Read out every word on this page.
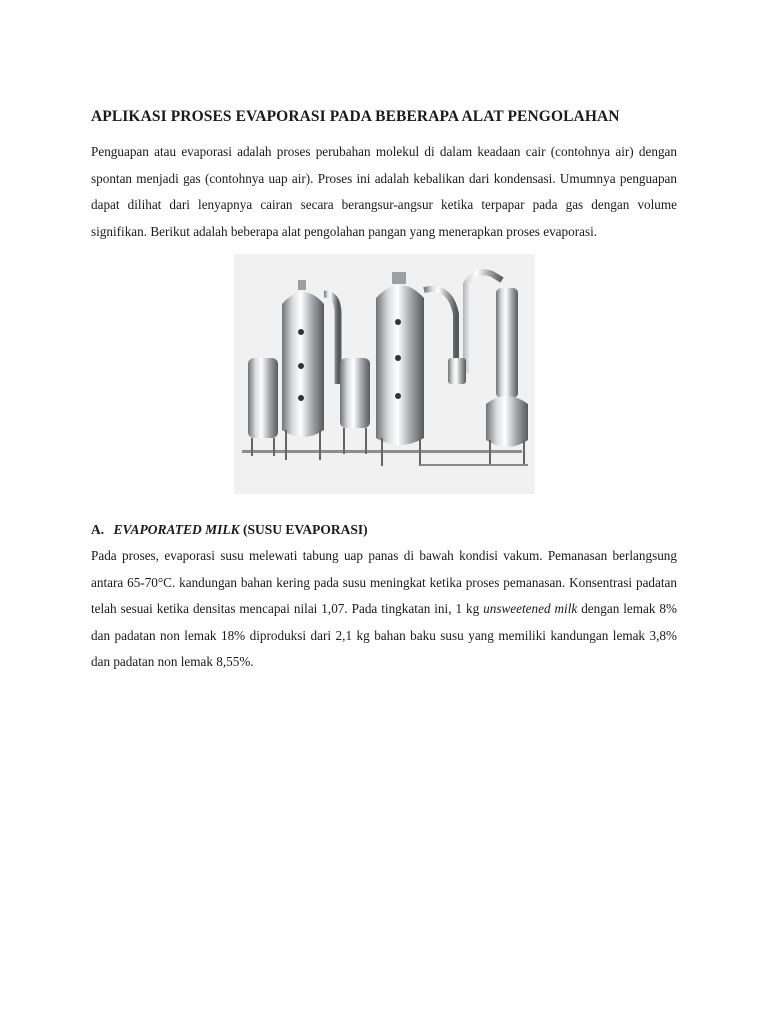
APLIKASI PROSES EVAPORASI PADA BEBERAPA ALAT PENGOLAHAN

Penguapan atau evaporasi adalah proses perubahan molekul di dalam keadaan cair (contohnya air) dengan spontan menjadi gas (contohnya uap air). Proses ini adalah kebalikan dari kondensasi. Umumnya penguapan dapat dilihat dari lenyapnya cairan secara berangsur-angsur ketika terpapar pada gas dengan volume signifikan. Berikut adalah beberapa alat pengolahan pangan yang menerapkan proses evaporasi.

A. EVAPORATED MILK (SUSU EVAPORASI)

Pada proses, evaporasi susu melewati tabung uap panas di bawah kondisi vakum. Pemanasan berlangsung antara 65-70°C. kandungan bahan kering pada susu meningkat ketika proses pemanasan. Konsentrasi padatan telah sesuai ketika densitas mencapai nilai 1,07. Pada tingkatan ini, 1 kg unsweetened milk dengan lemak 8% dan padatan non lemak 18% diproduksi dari 2,1 kg bahan baku susu yang memiliki kandungan lemak 3,8% dan padatan non lemak 8,55%.
